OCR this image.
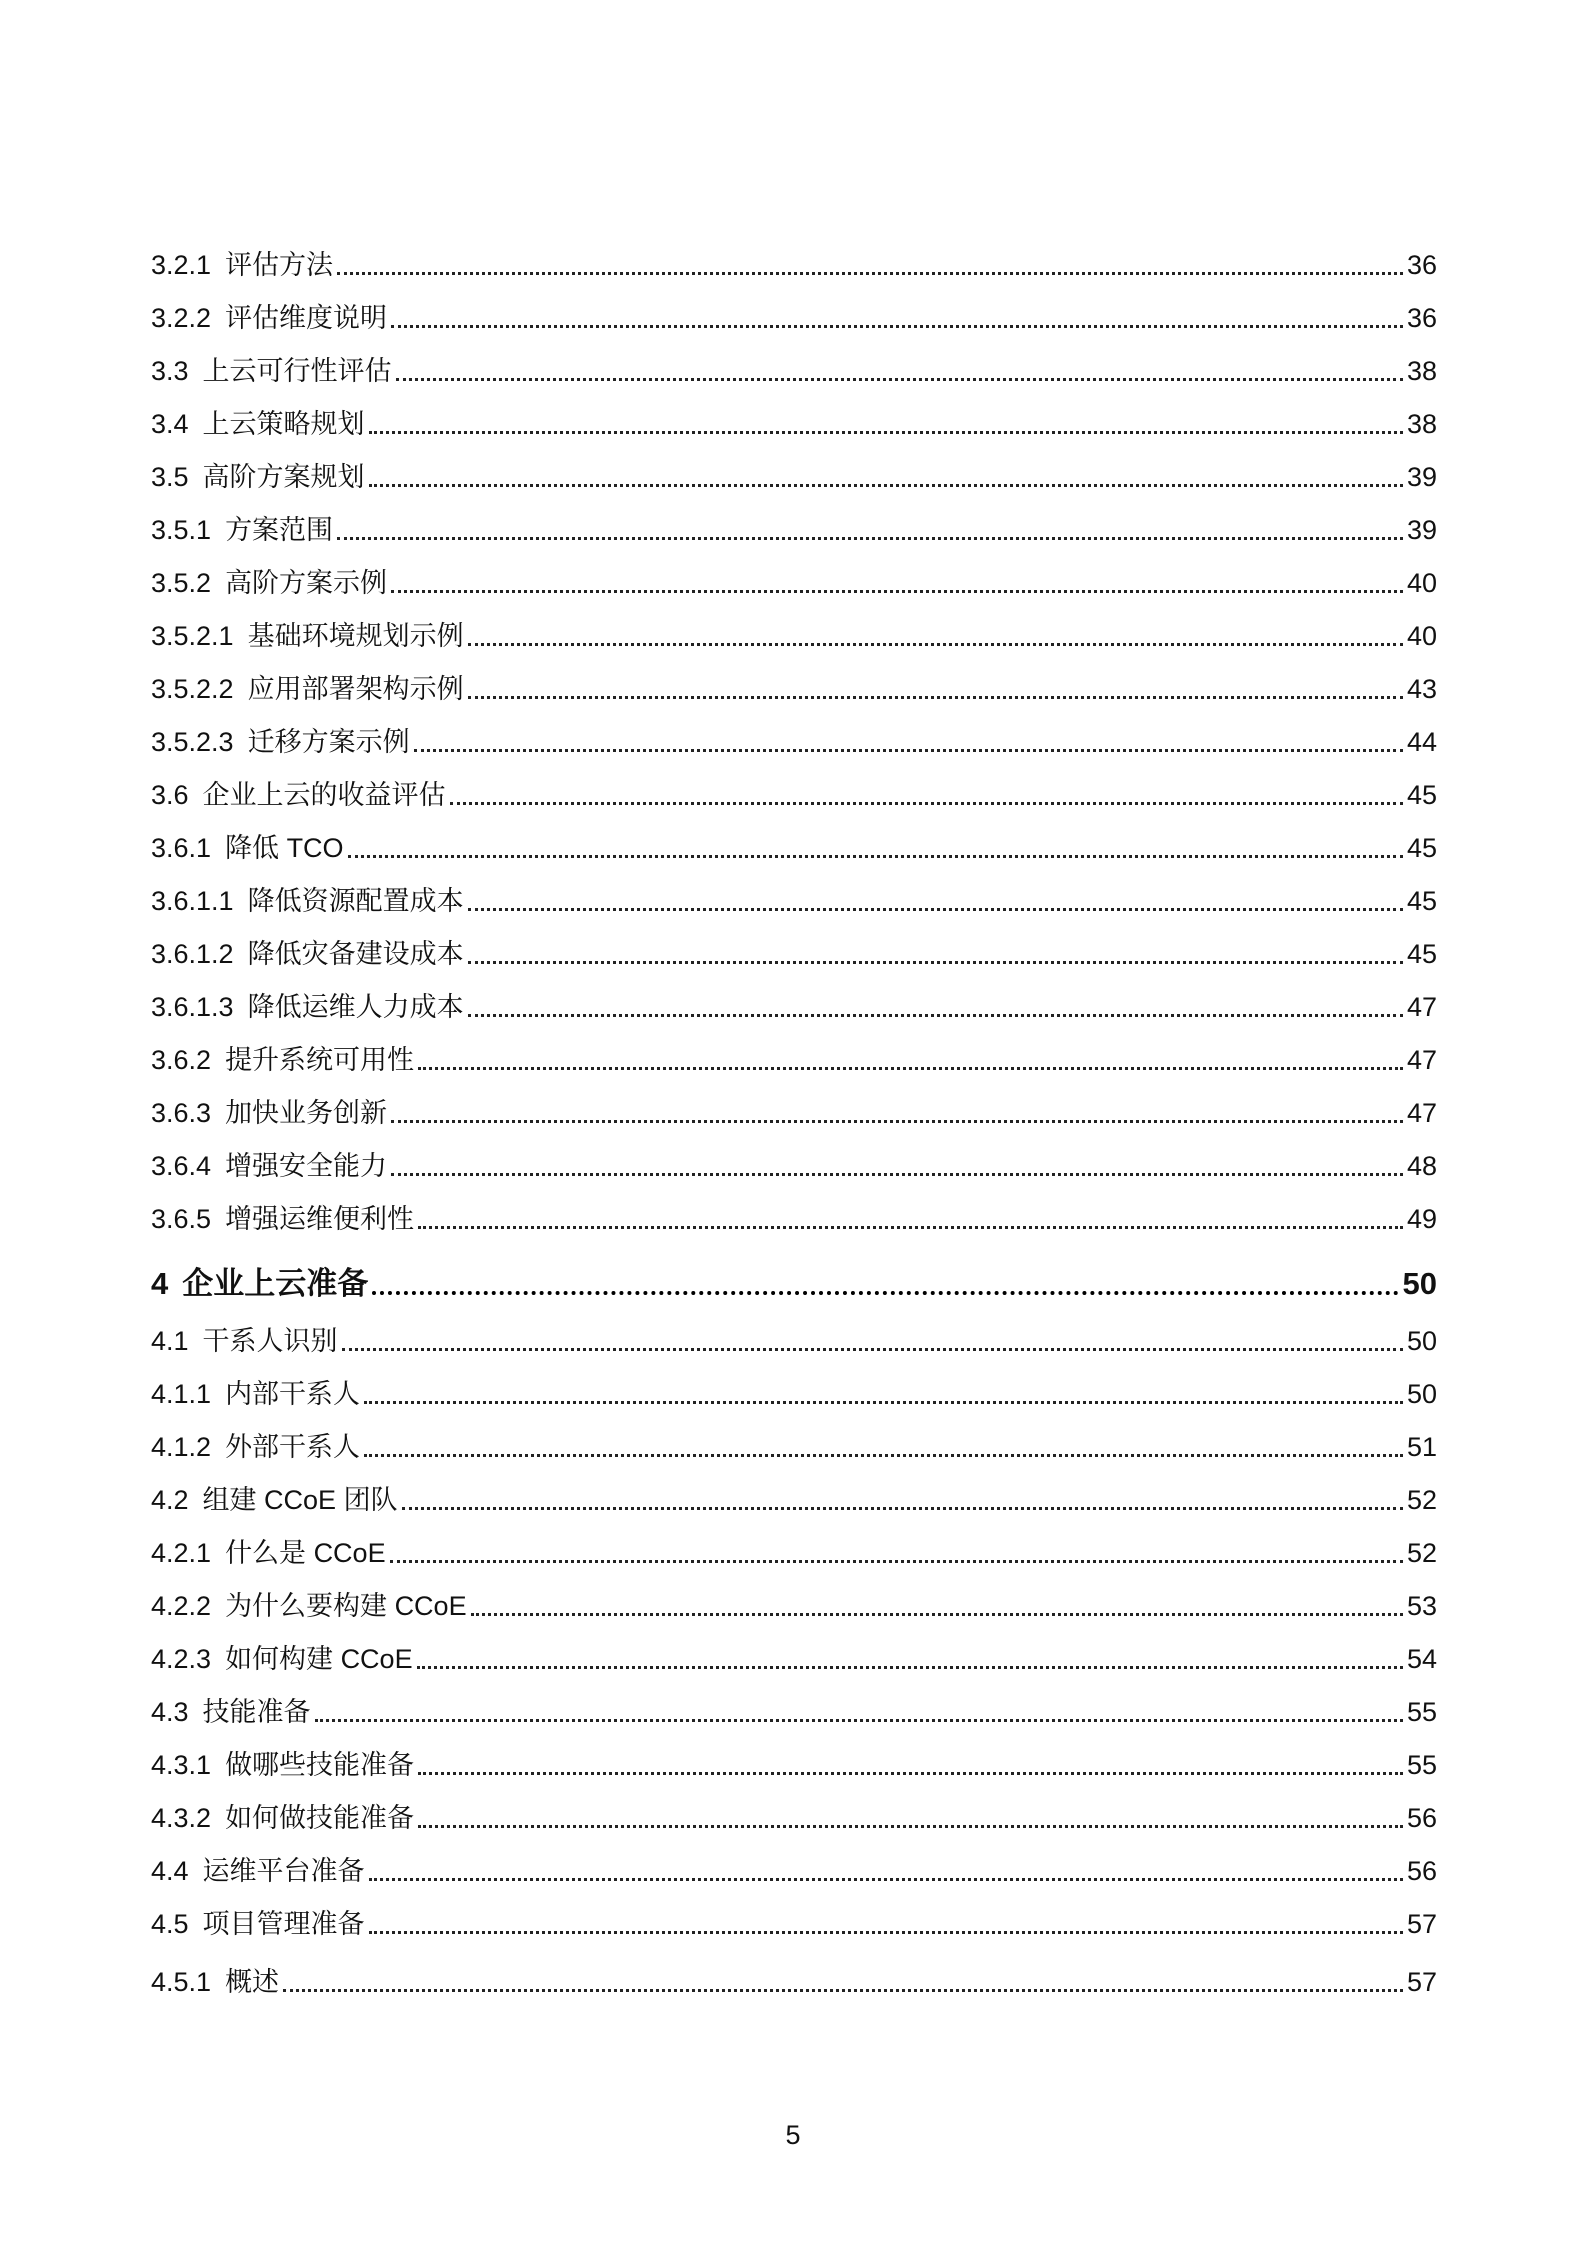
3.2.1 评估方法	36
3.2.2 评估维度说明	36
3.3 上云可行性评估	38
3.4 上云策略规划	38
3.5 高阶方案规划	39
3.5.1 方案范围	39
3.5.2 高阶方案示例	40
3.5.2.1 基础环境规划示例	40
3.5.2.2 应用部署架构示例	43
3.5.2.3 迁移方案示例	44
3.6 企业上云的收益评估	45
3.6.1 降低 TCO	45
3.6.1.1 降低资源配置成本	45
3.6.1.2 降低灾备建设成本	45
3.6.1.3 降低运维人力成本	47
3.6.2 提升系统可用性	47
3.6.3 加快业务创新	47
3.6.4 增强安全能力	48
3.6.5 增强运维便利性	49
4 企业上云准备	50
4.1 干系人识别	50
4.1.1 内部干系人	50
4.1.2 外部干系人	51
4.2 组建 CCoE 团队	52
4.2.1 什么是 CCoE	52
4.2.2 为什么要构建 CCoE	53
4.2.3 如何构建 CCoE	54
4.3 技能准备	55
4.3.1 做哪些技能准备	55
4.3.2 如何做技能准备	56
4.4 运维平台准备	56
4.5 项目管理准备	57
4.5.1 概述	57
5
